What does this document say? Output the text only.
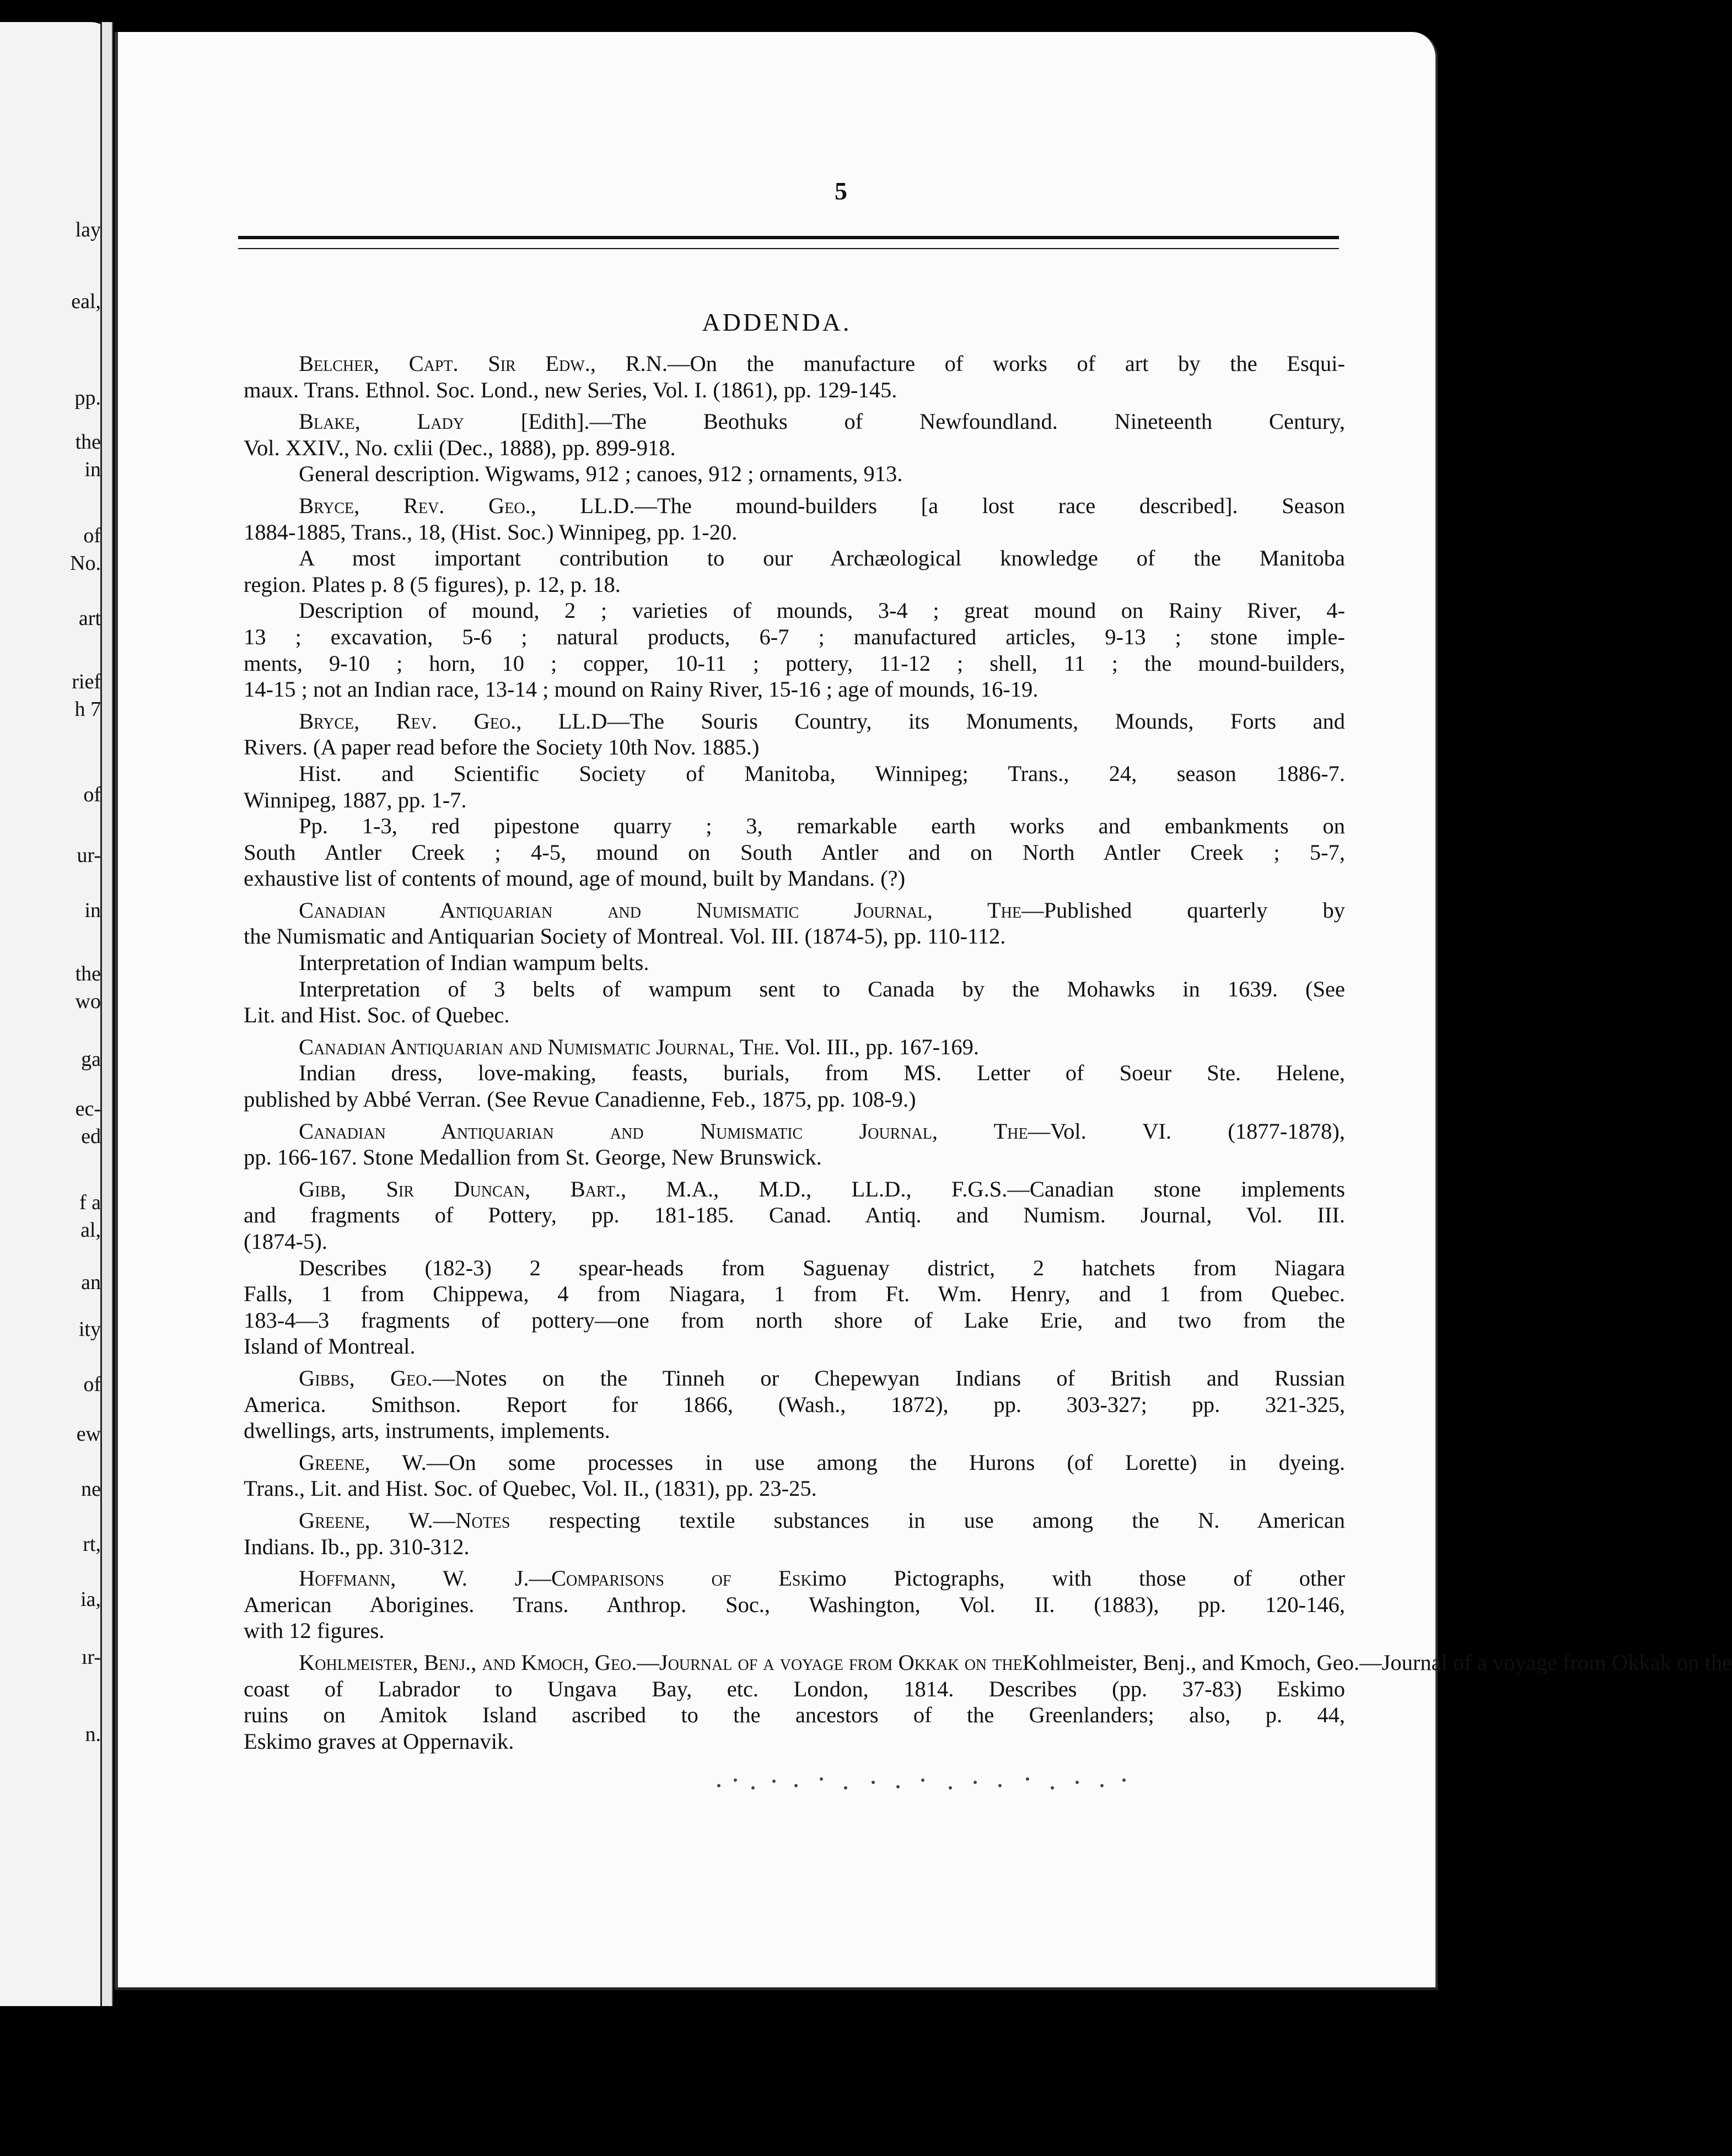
lay
eal,
pp.
the
in
of
No.
art
rief
h 7
of
ur-
in
the
wo
ga
ec-
ed
f a
al,
an
ity
of
ew
ne
rt,
ia,
ır-
n.
5
ADDENDA.
Belcher, Capt. Sir Edw., R.N.—On the manufacture of works of art by the Esqui-
maux. Trans. Ethnol. Soc. Lond., new Series, Vol. I. (1861), pp. 129-145.
Blake, Lady [Edith].—The Beothuks of Newfoundland. Nineteenth Century,
Vol. XXIV., No. cxlii (Dec., 1888), pp. 899-918.
General description. Wigwams, 912 ; canoes, 912 ; ornaments, 913.
Bryce, Rev. Geo., LL.D.—The mound-builders [a lost race described]. Season
1884-1885, Trans., 18, (Hist. Soc.) Winnipeg, pp. 1-20.
A most important contribution to our Archæological knowledge of the Manitoba
region. Plates p. 8 (5 figures), p. 12, p. 18.
Description of mound, 2 ; varieties of mounds, 3-4 ; great mound on Rainy River, 4-
13 ; excavation, 5-6 ; natural products, 6-7 ; manufactured articles, 9-13 ; stone imple-
ments, 9-10 ; horn, 10 ; copper, 10-11 ; pottery, 11-12 ; shell, 11 ; the mound-builders,
14-15 ; not an Indian race, 13-14 ; mound on Rainy River, 15-16 ; age of mounds, 16-19.
Bryce, Rev. Geo., LL.D—The Souris Country, its Monuments, Mounds, Forts and
Rivers. (A paper read before the Society 10th Nov. 1885.)
Hist. and Scientific Society of Manitoba, Winnipeg; Trans., 24, season 1886-7.
Winnipeg, 1887, pp. 1-7.
Pp. 1-3, red pipestone quarry ; 3, remarkable earth works and embankments on
South Antler Creek ; 4-5, mound on South Antler and on North Antler Creek ; 5-7,
exhaustive list of contents of mound, age of mound, built by Mandans. (?)
Canadian Antiquarian and Numismatic Journal, The—Published quarterly by
the Numismatic and Antiquarian Society of Montreal. Vol. III. (1874-5), pp. 110-112.
Interpretation of Indian wampum belts.
Interpretation of 3 belts of wampum sent to Canada by the Mohawks in 1639. (See
Lit. and Hist. Soc. of Quebec.
Canadian Antiquarian and Numismatic Journal, The. Vol. III., pp. 167-169.
Indian dress, love-making, feasts, burials, from MS. Letter of Soeur Ste. Helene,
published by Abbé Verran. (See Revue Canadienne, Feb., 1875, pp. 108-9.)
Canadian Antiquarian and Numismatic Journal, The—Vol. VI. (1877-1878),
pp. 166-167. Stone Medallion from St. George, New Brunswick.
Gibb, Sir Duncan, Bart., M.A., M.D., LL.D., F.G.S.—Canadian stone implements
and fragments of Pottery, pp. 181-185. Canad. Antiq. and Numism. Journal, Vol. III.
(1874-5).
Describes (182-3) 2 spear-heads from Saguenay district, 2 hatchets from Niagara
Falls, 1 from Chippewa, 4 from Niagara, 1 from Ft. Wm. Henry, and 1 from Quebec.
183-4—3 fragments of pottery—one from north shore of Lake Erie, and two from the
Island of Montreal.
Gibbs, Geo.—Notes on the Tinneh or Chepewyan Indians of British and Russian
America. Smithson. Report for 1866, (Wash., 1872), pp. 303-327; pp. 321-325,
dwellings, arts, instruments, implements.
Greene, W.—On some processes in use among the Hurons (of Lorette) in dyeing.
Trans., Lit. and Hist. Soc. of Quebec, Vol. II., (1831), pp. 23-25.
Greene, W.—Notes respecting textile substances in use among the N. American
Indians. Ib., pp. 310-312.
Hoffmann, W. J.—Comparisons of Eskimo Pictographs, with those of other
American Aborigines. Trans. Anthrop. Soc., Washington, Vol. II. (1883), pp. 120-146,
with 12 figures.
Kohlmeister, Benj., and Kmoch, Geo.—Journal of a voyage from Okkak on theKohlmeister, Benj., and Kmoch, Geo.—Journal of a voyage from Okkak on the
coast of Labrador to Ungava Bay, etc. London, 1814. Describes (pp. 37-83) Eskimo
ruins on Amitok Island ascribed to the ancestors of the Greenlanders; also, p. 44,
Eskimo graves at Oppernavik.
